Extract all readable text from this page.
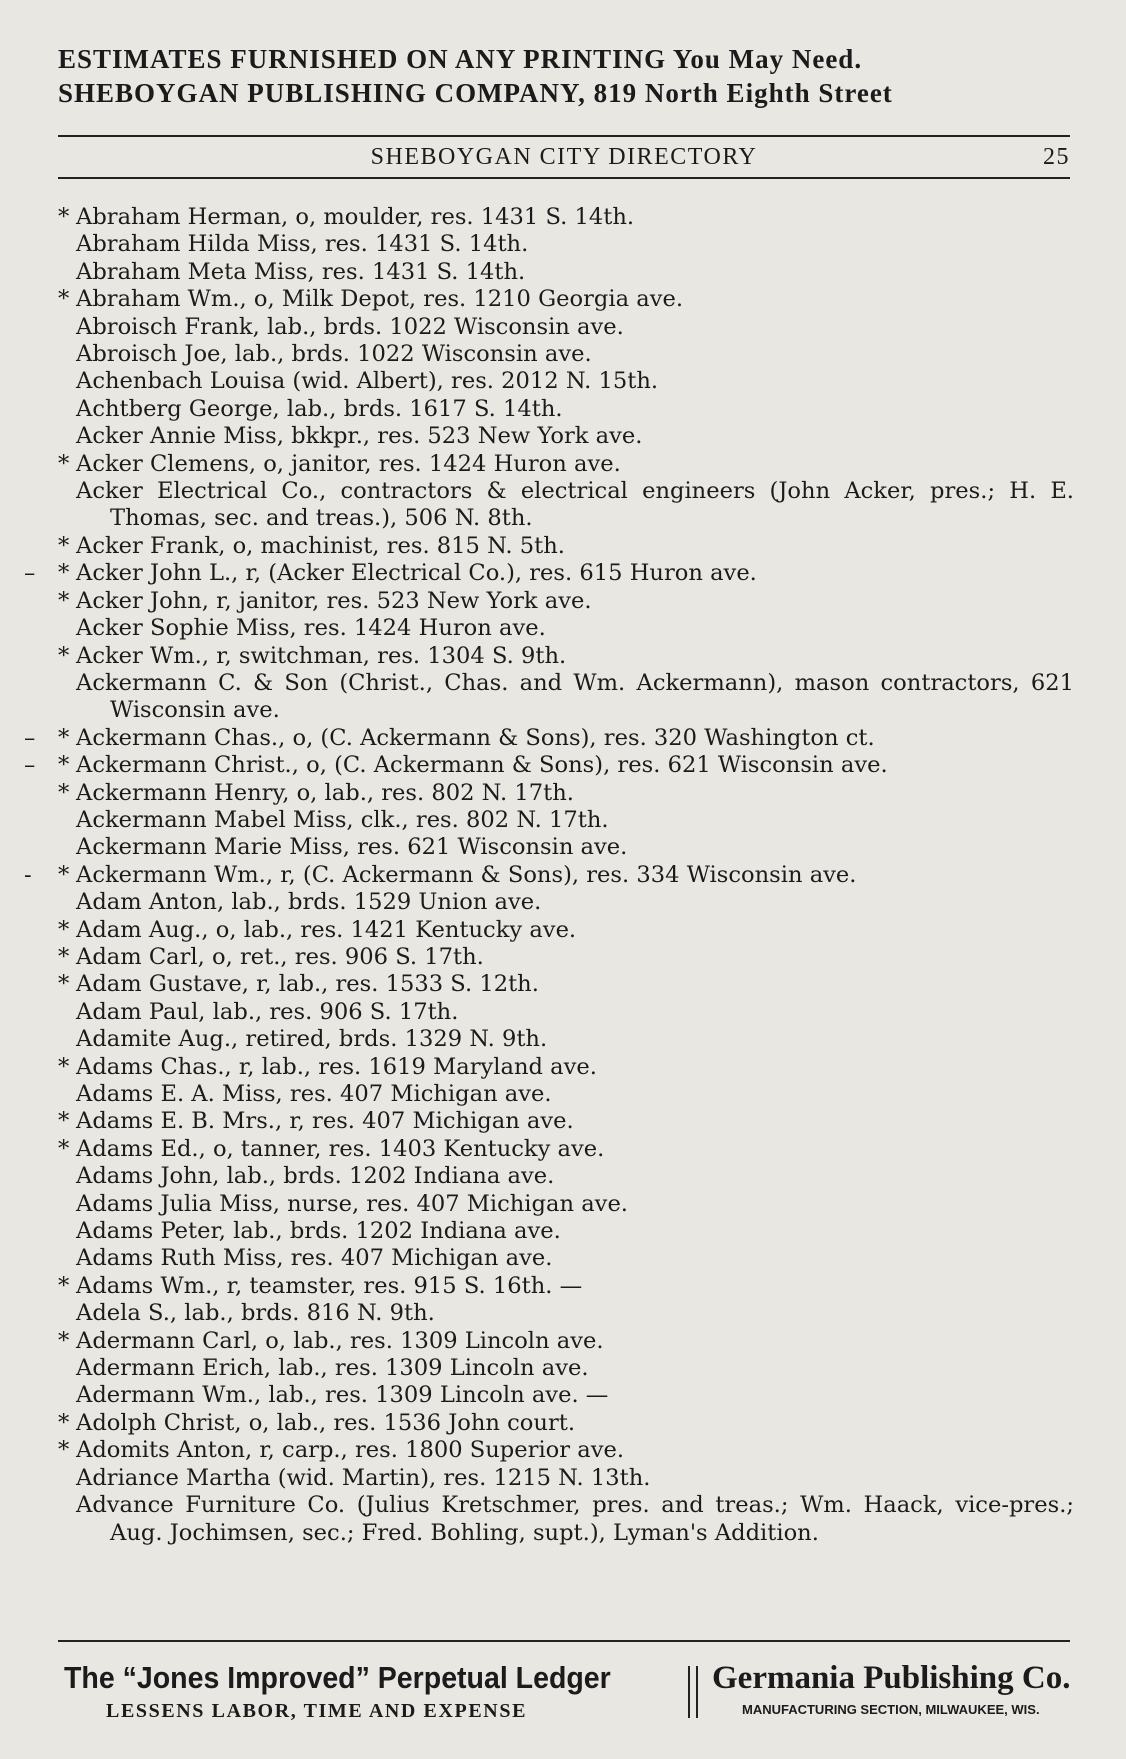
ESTIMATES FURNISHED ON ANY PRINTING You May Need.
SHEBOYGAN PUBLISHING COMPANY, 819 North Eighth Street
SHEBOYGAN CITY DIRECTORY	25
* Abraham Herman, o, moulder, res. 1431 S. 14th.
Abraham Hilda Miss, res. 1431 S. 14th.
Abraham Meta Miss, res. 1431 S. 14th.
* Abraham Wm., o, Milk Depot, res. 1210 Georgia ave.
Abroisch Frank, lab., brds. 1022 Wisconsin ave.
Abroisch Joe, lab., brds. 1022 Wisconsin ave.
Achenbach Louisa (wid. Albert), res. 2012 N. 15th.
Achtberg George, lab., brds. 1617 S. 14th.
Acker Annie Miss, bkkpr., res. 523 New York ave.
* Acker Clemens, o, janitor, res. 1424 Huron ave.
Acker Electrical Co., contractors & electrical engineers (John Acker, pres.; H. E. Thomas, sec. and treas.), 506 N. 8th.
* Acker Frank, o, machinist, res. 815 N. 5th.
– * Acker John L., r, (Acker Electrical Co.), res. 615 Huron ave.
* Acker John, r, janitor, res. 523 New York ave.
Acker Sophie Miss, res. 1424 Huron ave.
* Acker Wm., r, switchman, res. 1304 S. 9th.
Ackermann C. & Son (Christ., Chas. and Wm. Ackermann), mason contractors, 621 Wisconsin ave.
– * Ackermann Chas., o, (C. Ackermann & Sons), res. 320 Washington ct.
– * Ackermann Christ., o, (C. Ackermann & Sons), res. 621 Wisconsin ave.
* Ackermann Henry, o, lab., res. 802 N. 17th.
Ackermann Mabel Miss, clk., res. 802 N. 17th.
Ackermann Marie Miss, res. 621 Wisconsin ave.
- * Ackermann Wm., r, (C. Ackermann & Sons), res. 334 Wisconsin ave.
Adam Anton, lab., brds. 1529 Union ave.
* Adam Aug., o, lab., res. 1421 Kentucky ave.
* Adam Carl, o, ret., res. 906 S. 17th.
* Adam Gustave, r, lab., res. 1533 S. 12th.
Adam Paul, lab., res. 906 S. 17th.
Adamite Aug., retired, brds. 1329 N. 9th.
* Adams Chas., r, lab., res. 1619 Maryland ave.
Adams E. A. Miss, res. 407 Michigan ave.
* Adams E. B. Mrs., r, res. 407 Michigan ave.
* Adams Ed., o, tanner, res. 1403 Kentucky ave.
Adams John, lab., brds. 1202 Indiana ave.
Adams Julia Miss, nurse, res. 407 Michigan ave.
Adams Peter, lab., brds. 1202 Indiana ave.
Adams Ruth Miss, res. 407 Michigan ave.
* Adams Wm., r, teamster, res. 915 S. 16th. —
Adela S., lab., brds. 816 N. 9th.
* Adermann Carl, o, lab., res. 1309 Lincoln ave.
Adermann Erich, lab., res. 1309 Lincoln ave.
Adermann Wm., lab., res. 1309 Lincoln ave. —
* Adolph Christ, o, lab., res. 1536 John court.
* Adomits Anton, r, carp., res. 1800 Superior ave.
Adriance Martha (wid. Martin), res. 1215 N. 13th.
Advance Furniture Co. (Julius Kretschmer, pres. and treas.; Wm. Haack, vice-pres.; Aug. Jochimsen, sec.; Fred. Bohling, supt.), Lyman's Addition.
The “Jones Improved” Perpetual Ledger
LESSENS LABOR, TIME AND EXPENSE
Germania Publishing Co.
MANUFACTURING SECTION, MILWAUKEE, WIS.
